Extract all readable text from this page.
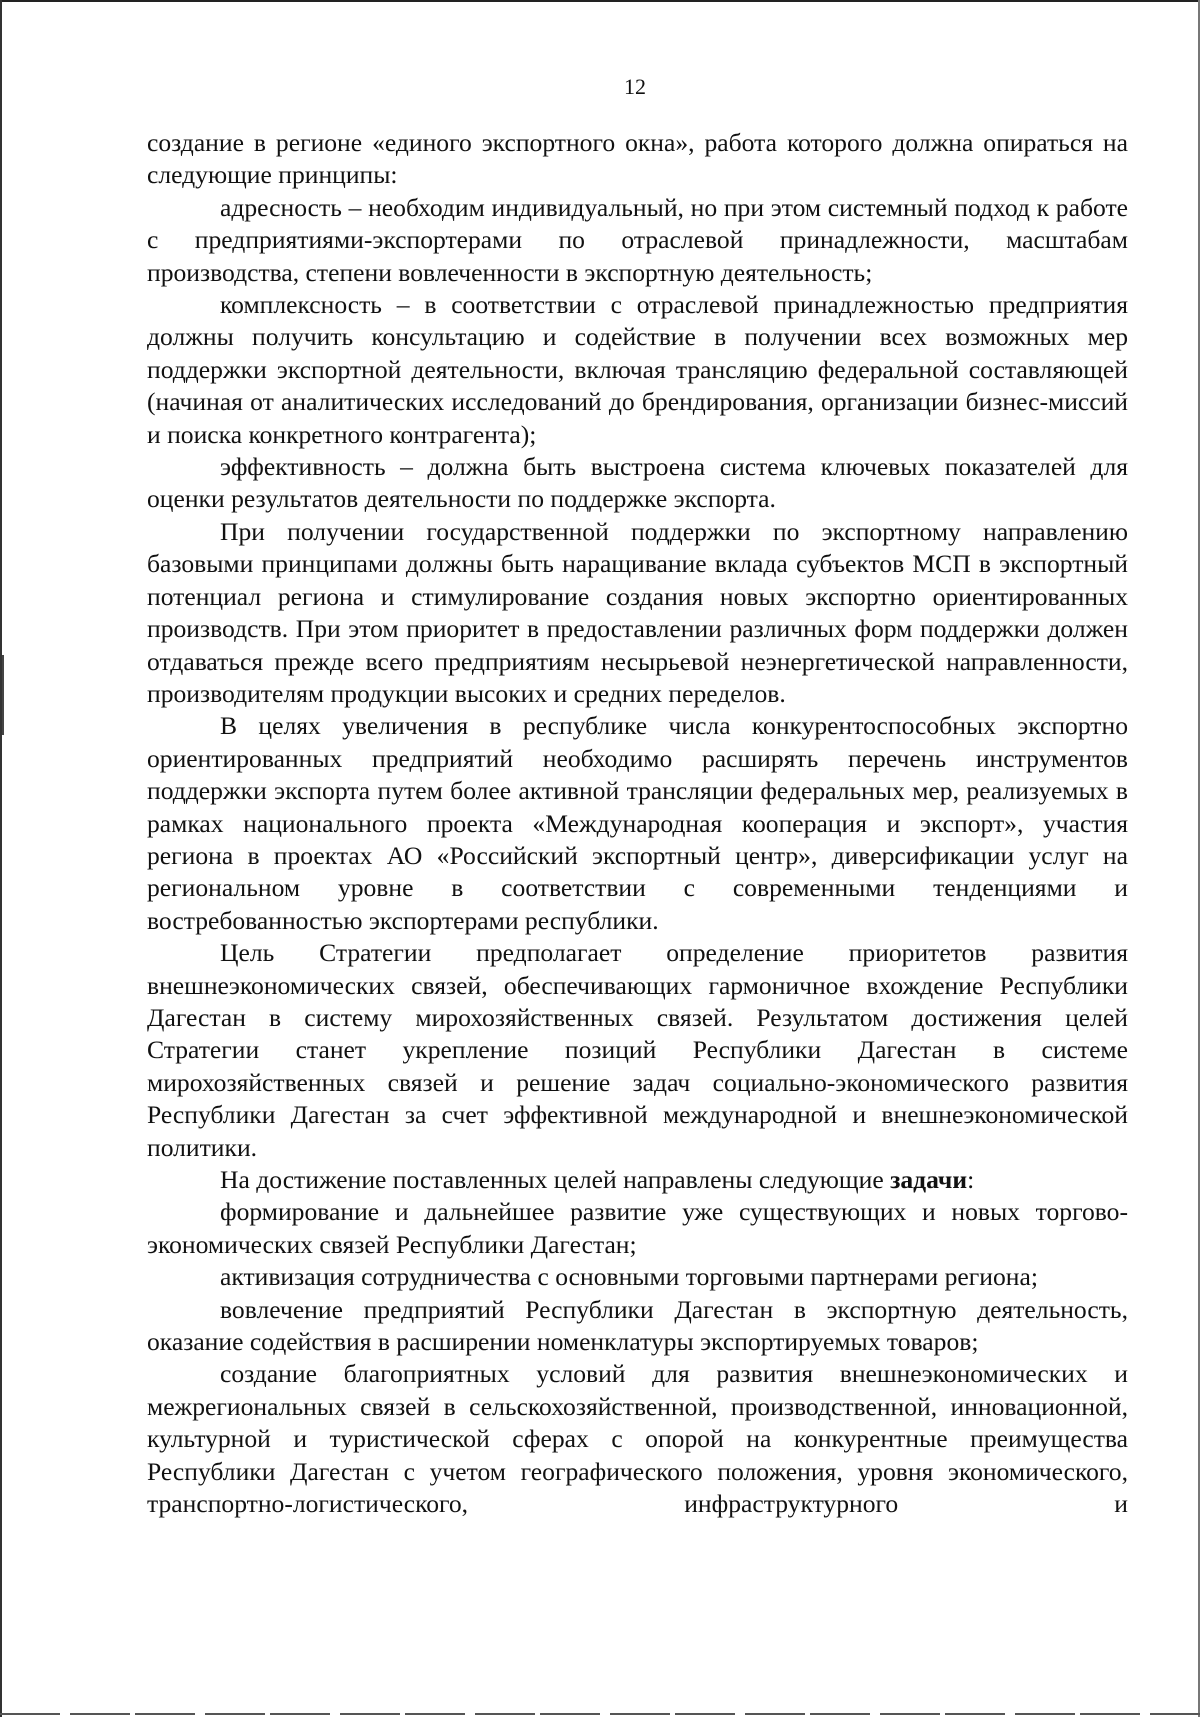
12

создание в регионе «единого экспортного окна», работа которого должна опираться на следующие принципы:

адресность – необходим индивидуальный, но при этом системный подход к работе с предприятиями-экспортерами по отраслевой принадлежности, масштабам производства, степени вовлеченности в экспортную деятельность;

комплексность – в соответствии с отраслевой принадлежностью предприятия должны получить консультацию и содействие в получении всех возможных мер поддержки экспортной деятельности, включая трансляцию федеральной составляющей (начиная от аналитических исследований до брендирования, организации бизнес-миссий и поиска конкретного контрагента);

эффективность – должна быть выстроена система ключевых показателей для оценки результатов деятельности по поддержке экспорта.

При получении государственной поддержки по экспортному направлению базовыми принципами должны быть наращивание вклада субъектов МСП в экспортный потенциал региона и стимулирование создания новых экспортно ориентированных производств. При этом приоритет в предоставлении различных форм поддержки должен отдаваться прежде всего предприятиям несырьевой неэнергетической направленности, производителям продукции высоких и средних переделов.

В целях увеличения в республике числа конкурентоспособных экспортно ориентированных предприятий необходимо расширять перечень инструментов поддержки экспорта путем более активной трансляции федеральных мер, реализуемых в рамках национального проекта «Международная кооперация и экспорт», участия региона в проектах АО «Российский экспортный центр», диверсификации услуг на региональном уровне в соответствии с современными тенденциями и востребованностью экспортерами республики.

Цель Стратегии предполагает определение приоритетов развития внешнеэкономических связей, обеспечивающих гармоничное вхождение Республики Дагестан в систему мирохозяйственных связей. Результатом достижения целей Стратегии станет укрепление позиций Республики Дагестан в системе мирохозяйственных связей и решение задач социально-экономического развития Республики Дагестан за счет эффективной международной и внешнеэкономической политики.

На достижение поставленных целей направлены следующие задачи:

формирование и дальнейшее развитие уже существующих и новых торгово-экономических связей Республики Дагестан;

активизация сотрудничества с основными торговыми партнерами региона;

вовлечение предприятий Республики Дагестан в экспортную деятельность, оказание содействия в расширении номенклатуры экспортируемых товаров;

создание благоприятных условий для развития внешнеэкономических и межрегиональных связей в сельскохозяйственной, производственной, инновационной, культурной и туристической сферах с опорой на конкурентные преимущества Республики Дагестан с учетом географического положения, уровня экономического, транспортно-логистического, инфраструктурного и
